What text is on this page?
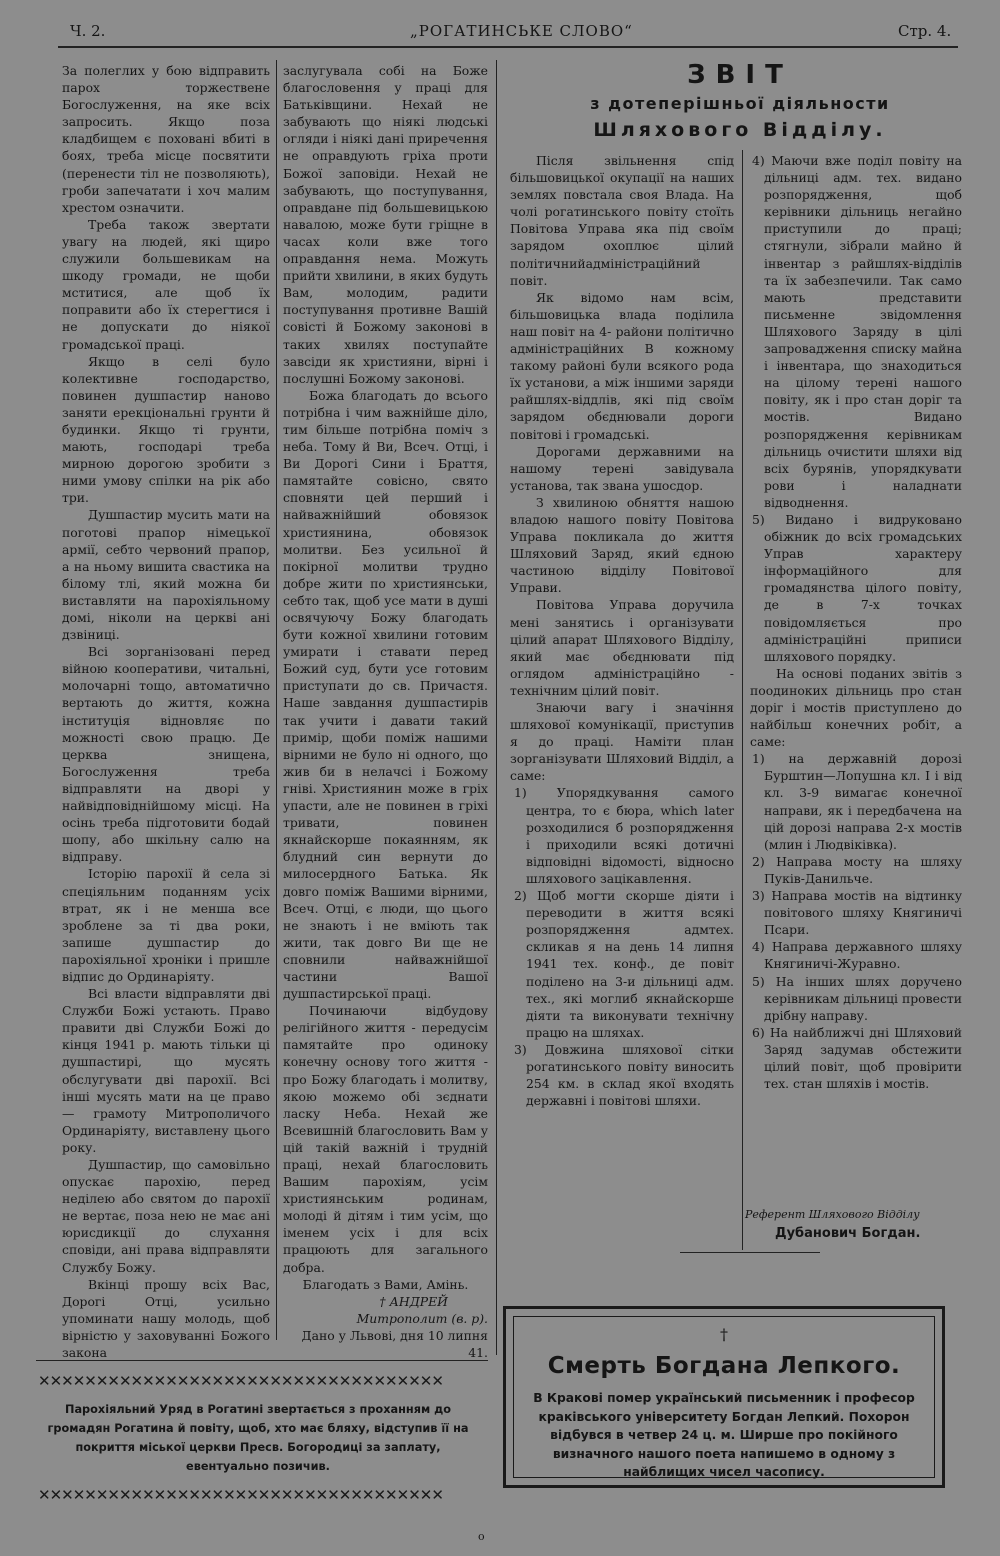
Ч. 2.	„РОГАТИНСЬКЕ СЛОВО“	Стр. 4.

За полеглих у бою відправить парох торжествене Богослуження, на яке всіх запросить. Якщо поза кладбищем є поховані вбиті в боях, треба місце посвятити (перенести тіл не позволяють), гроби запечатати і хоч малим хрестом означити.

Треба також звертати увагу на людей, які щиро служили большевикам на шкоду громади, не щоби мститися, але щоб їх поправити або їх стерегтися і не допускати до ніякої громадської праці.

Якщо в селі було колективне господарство, повинен душпастир наново заняти ерекціональні грунти й будинки. Якщо ті грунти, мають, господарі треба мирною дорогою зробити з ними умову спілки на рік або три.

Душпастир мусить мати на поготові прапор німецької армії, себто червоний прапор, а на ньому вишита свастика на білому тлі, який можна би виставляти на парохіяльному домі, ніколи на церкві ані дзвіниці.

Всі зорганізовані перед війною кооперативи, читальні, молочарні тощо, автоматично вертають до життя, кожна інституція відновляє по можності свою працю. Де церква знищена, Богослуження треба відправляти на дворі у найвідповіднійшому місці. На осінь треба підготовити бодай шопу, або шкільну салю на відправу.

Історію парохії й села зі спеціяльним поданням усіх втрат, як і не менша все зроблене за ті два роки, запише душпастир до парохіяльної хроніки і пришле відпис до Ординаріяту.

Всі власти відправляти дві Служби Божі устають. Право правити дві Служби Божі до кінця 1941 р. мають тільки ці душпастирі, що мусять обслугувати дві парохії. Всі інші мусять мати на це право — грамоту Митрополичого Ординаріяту, виставлену цього року.

Душпастир, що самовільно опускає парохію, перед неділею або святом до парохії не вертає, поза нею не має ані юрисдикції до слухання сповіди, ані права відправляти Службу Божу.

Вкінці прошу всіх Вас, Дорогі Отці, усильно упоминати нашу молодь, щоб вірністю у заховуванні Божого закона

заслугувала собі на Боже благословення у праці для Батьківщини. Нехай не забувають що ніякі людські огляди і ніякі дані приречення не оправдують гріха проти Божої заповіди. Нехай не забувають, що поступування, оправдане під большевицькою навалою, може бути гріщне в часах коли вже того оправдання нема. Можуть прийти хвилини, в яких будуть Вам, молодим, радити поступування противне Вашій совісті й Божому законові в таких хвилях поступайте завсіди як християни, вірні і послушні Божому законові.

Божа благодать до всього потрібна і чим важнійше діло, тим більше потрібна поміч з неба. Тому й Ви, Всеч. Отці, і Ви Дорогі Сини і Браття, памятайте совісно, свято сповняти цей перший і найважнійший обовязок християнина, обовязок молитви. Без усильної й покірної молитви трудно добре жити по християнськи, себто так, щоб усе мати в душі освячуючу Божу благодать бути кожної хвилини готовим умирати і ставати перед Божий суд, бути усе готовим приступати до св. Причастя. Наше завдання душпастирів так учити і давати такий примір, щоби поміж нашими вірними не було ні одного, що жив би в нелачсі і Божому гніві. Християнин може в гріх упасти, але не повинен в гріхі тривати, повинен якнайскорше покаянням, як блудний син вернути до милосердного Батька. Як довго поміж Вашими вірними, Всеч. Отці, є люди, що цього не знають і не вміють так жити, так довго Ви ще не сповнили найважнійшої частини Вашої душпастирської праці.

Починаючи відбудову релігійного життя - передусім памятайте про одиноку конечну основу того життя - про Божу благодать і молитву, якою можемо обі зєднати ласку Неба. Нехай же Всевишній благословить Вам у цій такій важній і трудній праці, нехай благословить Вашим парохіям, усім християнським родинам, молоді й дітям і тим усім, що іменем усіх і для всіх працюють для загального добра.

Благодать з Вами, Амінь.

† АНДРЕЙ

Митрополит (в. р).

Дано у Львові, дня 10 липня 41.

ЗВІТ
з дотеперішньої діяльности
Шляхового Відділу.

Після звільнення спід більшовицької окупації на наших землях повстала своя Влада. На чолі рогатинського повіту стоїть Повітова Управа яка під своїм зарядом охоплює цілий політичнийадміністраційний повіт.

Як відомо нам всім, більшовицька влада поділила наш повіт на 4- райони політично адміністраційних В кожному такому районі були всякого рода їх установи, а між іншими заряди райшлях-віддлів, які під своїм зарядом обєднювали дороги повітові і громадські.

Дорогами державними на нашому терені завідувала установа, так звана ушосдор.

З хвилиною обняття нашою владою нашого повіту Повітова Управа покликала до життя Шляховий Заряд, який єдною частиною відділу Повітової Управи.

Повітова Управа доручила мені занятись і організувати цілий апарат Шляхового Відділу, який має обєднювати під оглядом адміністраційно - технічним цілий повіт.

Знаючи вагу і значіння шляхової комунікації, приступив я до праці. Наміти план зорганізувати Шляховий Відділ, а саме:

1) Упорядкування самого центра, то є бюра, which later розходилися б розпорядження і приходили всякі дотичні відповідні відомості, відносно шляхового зацікавлення.

2) Щоб могти скорше діяти і переводити в життя всякі розпорядження адмтех. скликав я на день 14 липня 1941 тех. конф., де повіт поділено на 3-и дільниці адм. тех., які моглиб якнайскорше діяти та виконувати технічну працю на шляхах.

3) Довжина шляхової сітки рогатинського повіту виносить 254 км. в склад якої входять державні і повітові шляхи.

4) Маючи вже поділ повіту на дільниці адм. тех. видано розпорядження, щоб керівники дільниць негайно приступили до праці; стягнули, зібрали майно й інвентар з райшлях-відділів та їх забезпечили. Так само мають представити письменне звідомлення Шляхового Заряду в цілі запровадження списку майна і інвентара, що знаходиться на цілому терені нашого повіту, як і про стан доріг та мостів. Видано розпорядження керівникам дільниць очистити шляхи від всіх бурянів, упорядкувати рови і наладнати відводнення.

5) Видано і видруковано обіжник до всіх громадських Управ характеру інформаційного для громадянства цілого повіту, де в 7-х точках повідомляється про адміністраційні приписи шляхового порядку.

На основі поданих звітів з поодиноких дільниць про стан доріг і мостів приступлено до найбільш конечних робіт, а саме:

1) на державній дорозі Бурштин—Лопушна кл. І і від кл. 3-9 вимагає конечної направи, як і передбачена на цій дорозі направа 2-х мостів (млин і Людвіківка).

2) Направа мосту на шляху Пуків-Данильче.

3) Направа мостів на відтинку повітового шляху Княгиничі Псари.

4) Направа державного шляху Княгиничі-Журавно.

5) На інших шлях доручено керівникам дільниці провести дрібну направу.

6) На найближчі дні Шляховий Заряд задумав обстежити цілий повіт, щоб провірити тех. стан шляхів і мостів.

Референт Шляхового Відділу
Дубанович Богдан.
†
Смерть Богдана Лепкого.
В Кракові помер український письменник і професор краківського університету Богдан Лепкий. Похорон відбувся в четвер 24 ц. м. Ширше про покійного визначного нашого поета напишемо в одному з найблищих чисел часопису.
✕✕✕✕✕✕✕✕✕✕✕✕✕✕✕✕✕✕✕✕✕✕✕✕✕✕✕✕✕✕✕✕✕✕✕
Парохіяльний Уряд в Рогатині звертається з проханням до громадян Рогатина й повіту, щоб, хто має бляху, відступив її на покриття міської церкви Пресв. Богородиці за заплату, евентуально позичив.
✕✕✕✕✕✕✕✕✕✕✕✕✕✕✕✕✕✕✕✕✕✕✕✕✕✕✕✕✕✕✕✕✕✕✕
о
